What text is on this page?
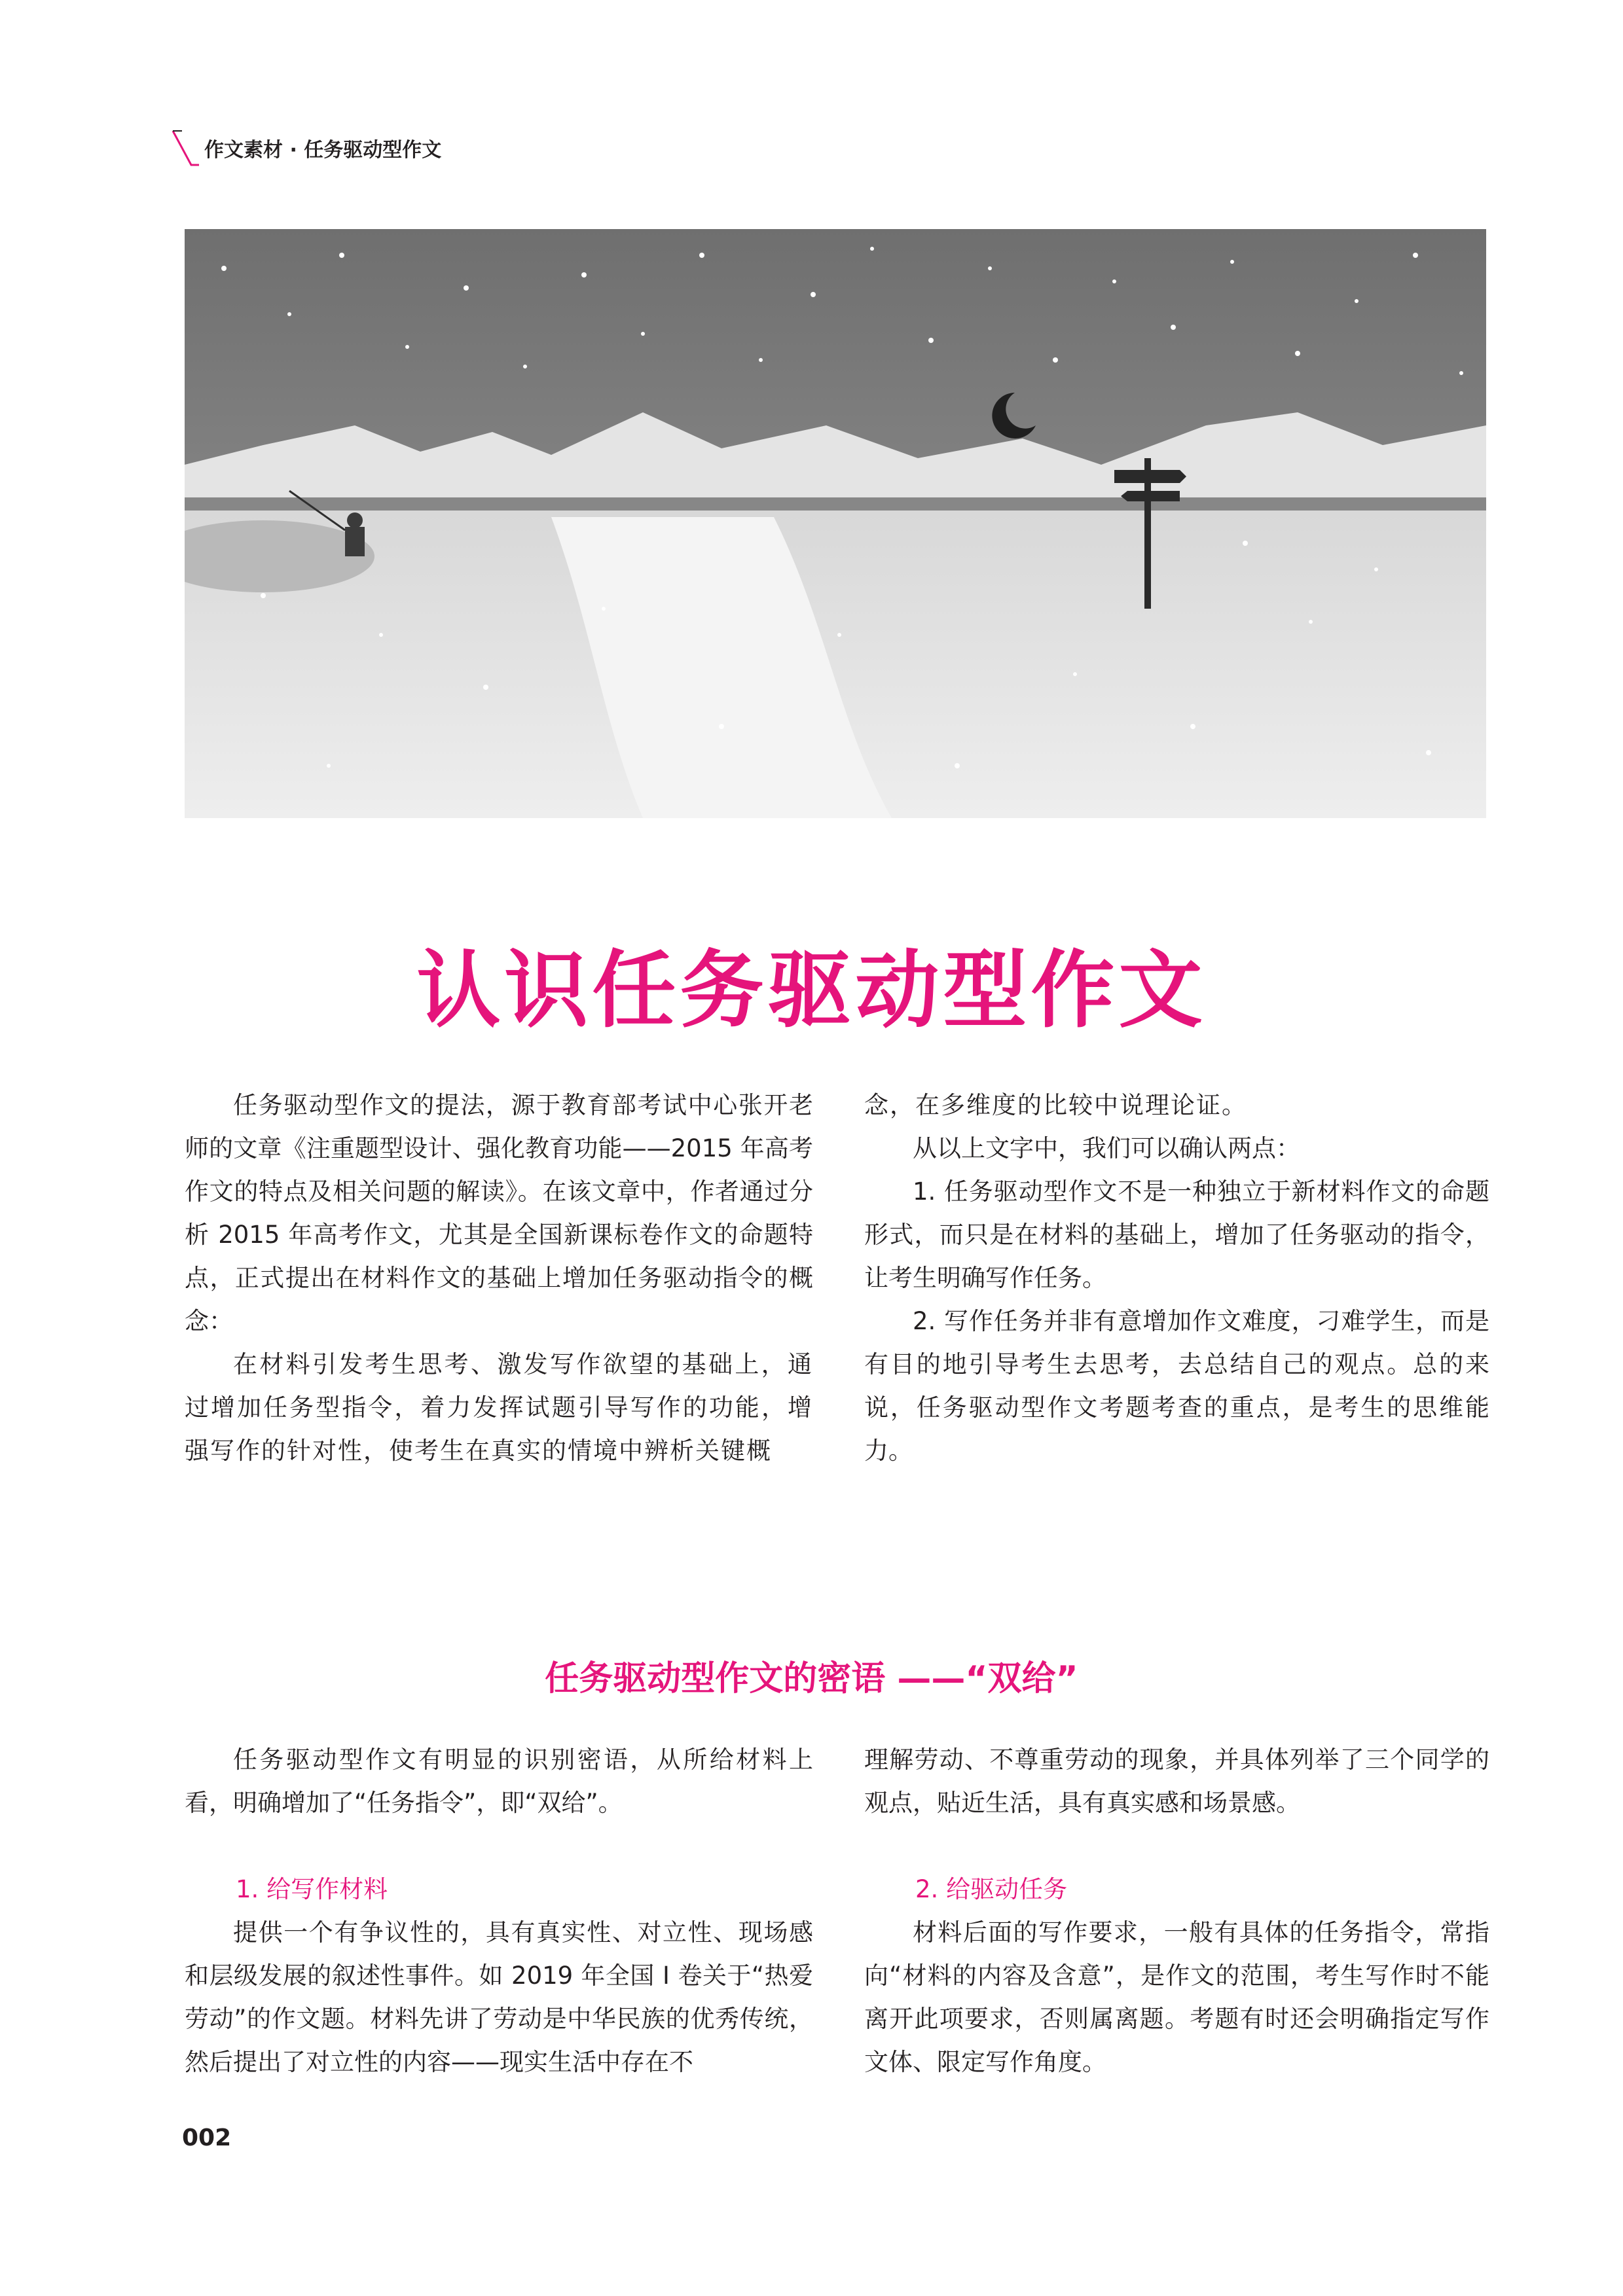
作文素材 · 任务驱动型作文
认识任务驱动型作文

任务驱动型作文的提法，源于教育部考试中心张开老师的文章《注重题型设计、强化教育功能——2015 年高考作文的特点及相关问题的解读》。在该文章中，作者通过分析 2015 年高考作文，尤其是全国新课标卷作文的命题特点，正式提出在材料作文的基础上增加任务驱动指令的概念：

在材料引发考生思考、激发写作欲望的基础上，通过增加任务型指令，着力发挥试题引导写作的功能，增强写作的针对性，使考生在真实的情境中辨析关键概

念，在多维度的比较中说理论证。

从以上文字中，我们可以确认两点：

1. 任务驱动型作文不是一种独立于新材料作文的命题形式，而只是在材料的基础上，增加了任务驱动的指令，让考生明确写作任务。

2. 写作任务并非有意增加作文难度，刁难学生，而是有目的地引导考生去思考，去总结自己的观点。总的来说，任务驱动型作文考题考查的重点，是考生的思维能力。

任务驱动型作文的密语 ——“双给”

任务驱动型作文有明显的识别密语，从所给材料上看，明确增加了“任务指令”，即“双给”。

1. 给写作材料

提供一个有争议性的，具有真实性、对立性、现场感和层级发展的叙述性事件。如 2019 年全国 Ⅰ 卷关于“热爱劳动”的作文题。材料先讲了劳动是中华民族的优秀传统，然后提出了对立性的内容——现实生活中存在不

理解劳动、不尊重劳动的现象，并具体列举了三个同学的观点，贴近生活，具有真实感和场景感。

2. 给驱动任务

材料后面的写作要求，一般有具体的任务指令，常指向“材料的内容及含意”，是作文的范围，考生写作时不能离开此项要求，否则属离题。考题有时还会明确指定写作文体、限定写作角度。

002
